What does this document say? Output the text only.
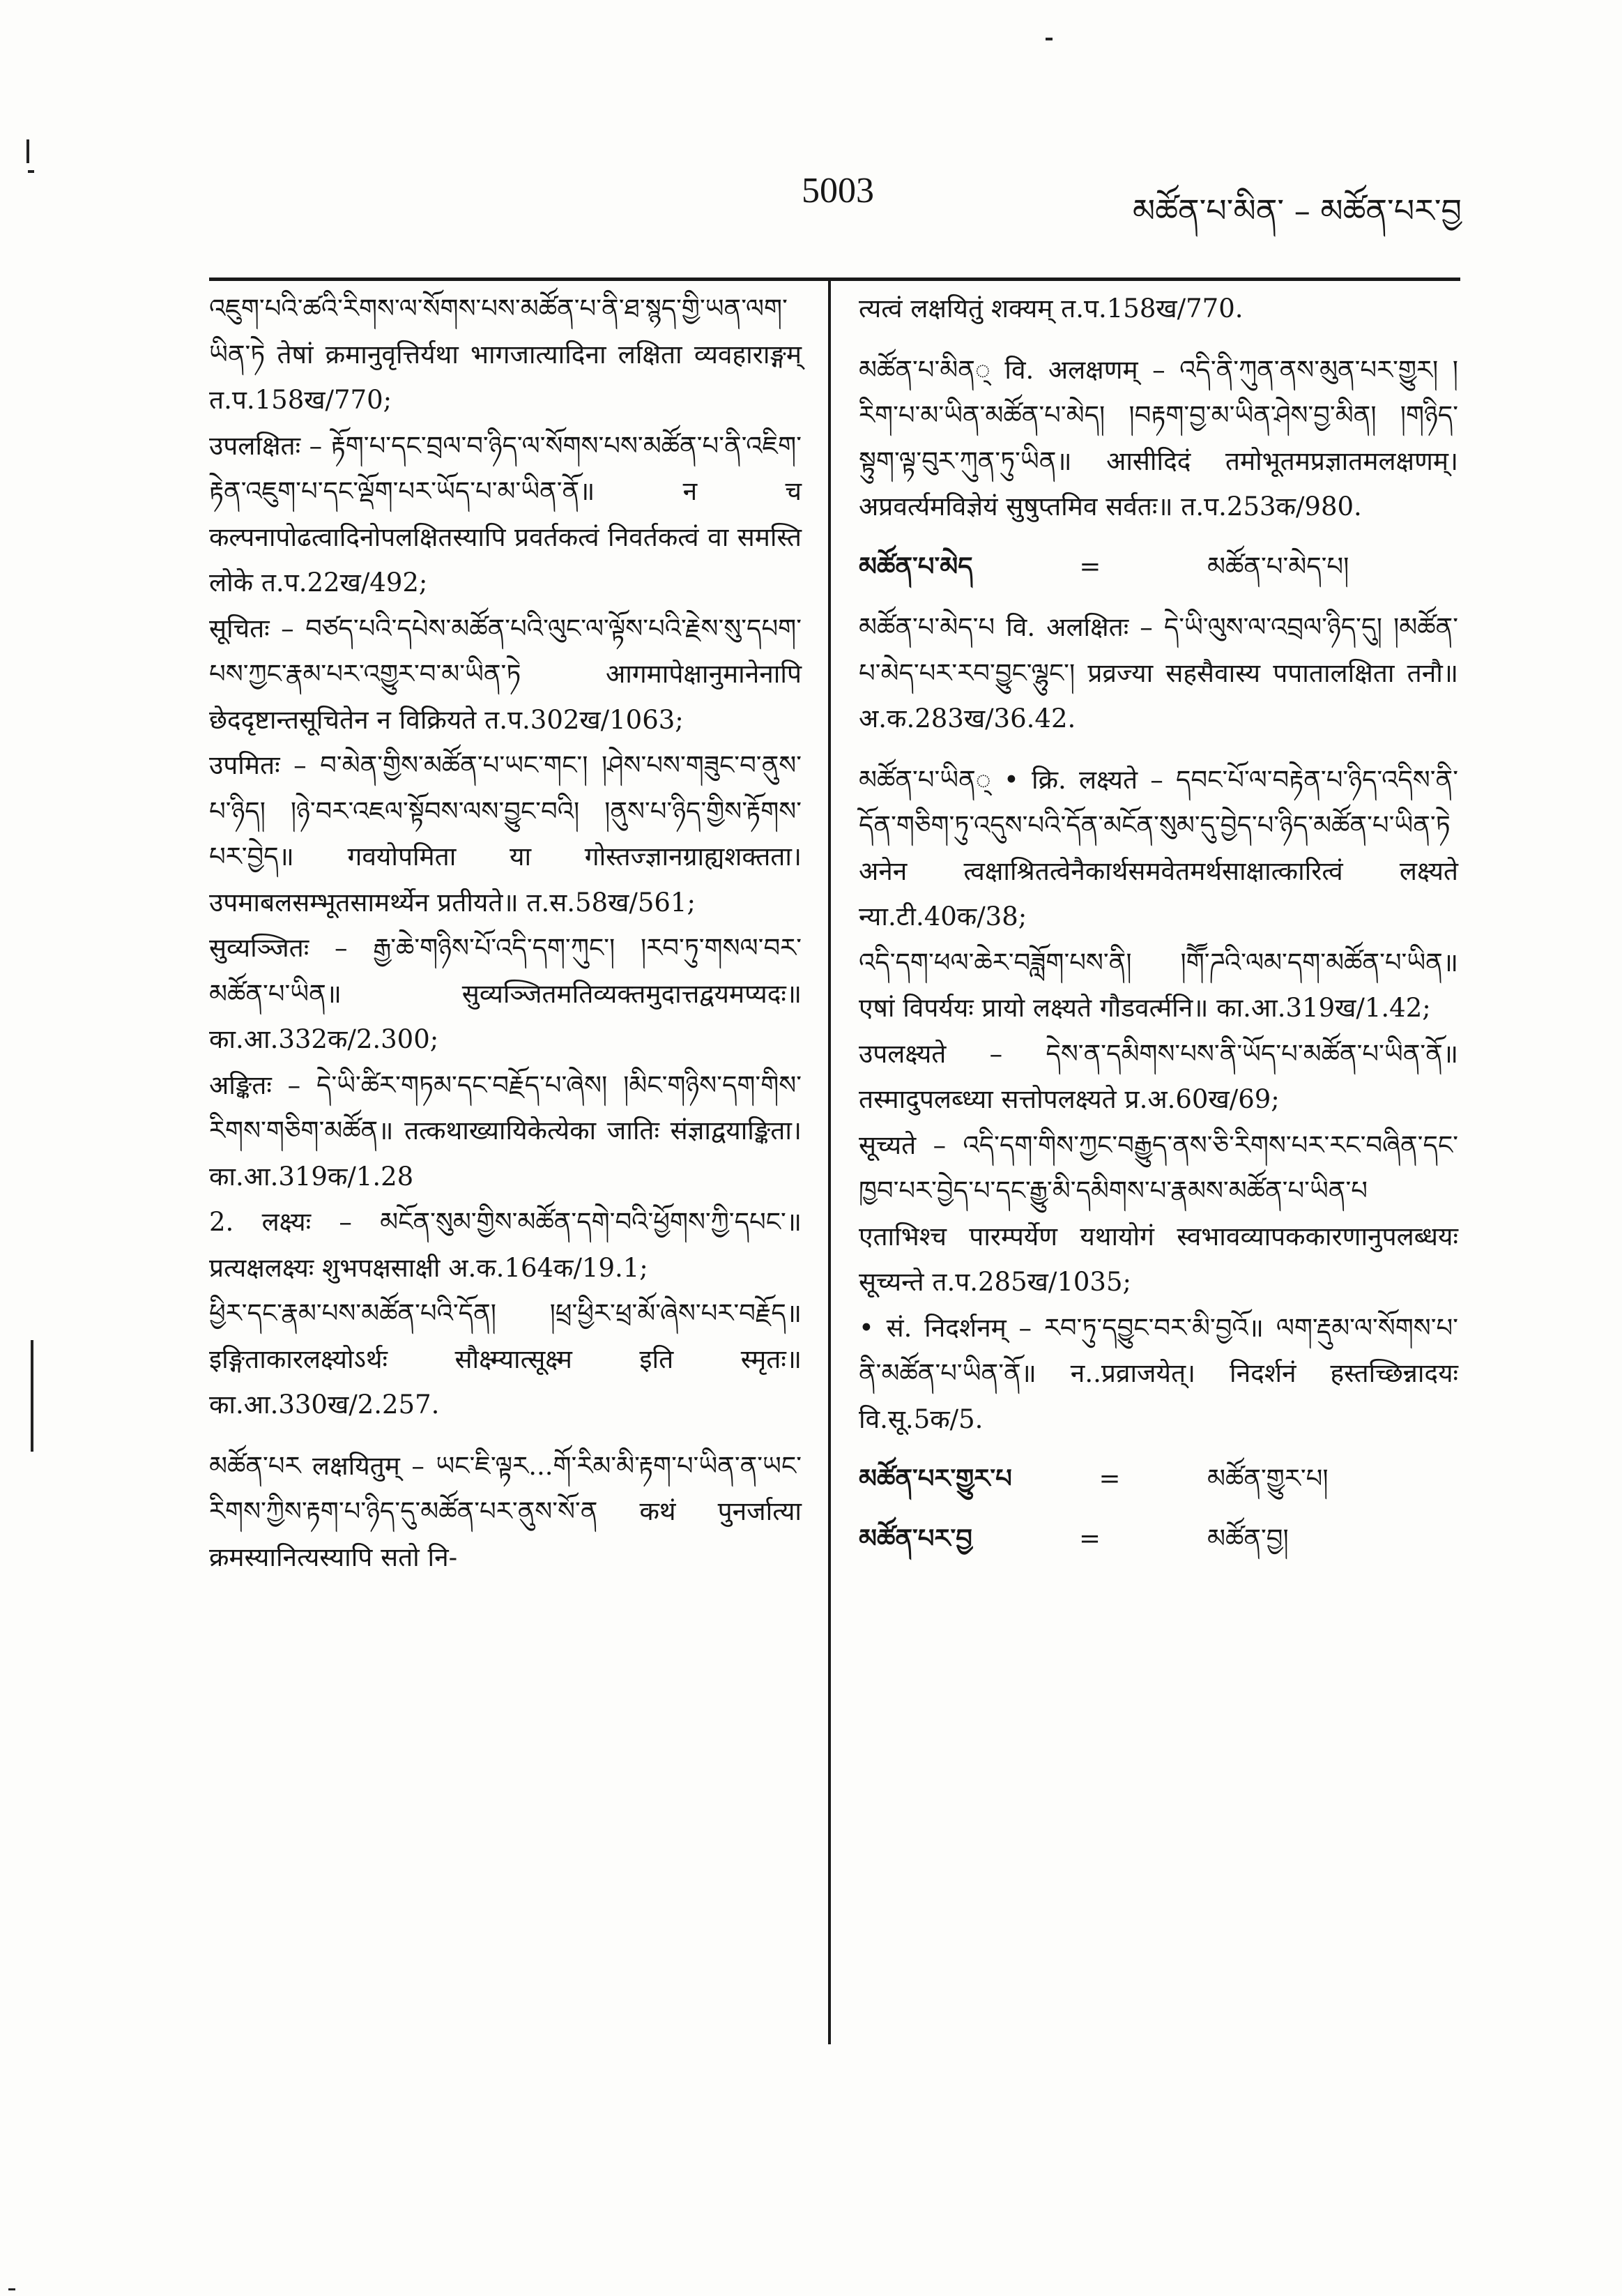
5003	མཚོན་པ་མིན་ – མཚོན་པར་བྱ

འཇུག་པའི་ཚའི་རིགས་ལ་སོགས་པས་མཚོན་པ་ནི་ཐ་སྙད་གྱི་ཡན་ལག་ཡིན་ཏེ तेषां क्रमानुवृत्तिर्यथा भागजात्यादिना लक्षिता व्यवहाराङ्गम् त.प.158ख/770;

उपलक्षितः – རྟོག་པ་དང་བྲལ་བ་ཉིད་ལ་སོགས་པས་མཚོན་པ་ནི་འཇིག་རྟེན་འཇུག་པ་དང་ལྡོག་པར་ཡོད་པ་མ་ཡིན་ནོ॥ न च कल्पनापोढत्वादिनोपलक्षितस्यापि प्रवर्तकत्वं निवर्तकत्वं वा समस्ति लोके त.प.22ख/492;

सूचितः – བཙད་པའི་དཔེས་མཚོན་པའི་ལུང་ལ་ལྟོས་པའི་རྗེས་སུ་དཔག་པས་ཀྱང་རྣམ་པར་འགྱུར་བ་མ་ཡིན་ཏེ आगमापेक्षानुमानेनापि छेददृष्टान्तसूचितेन न विक्रियते त.प.302ख/1063;

उपमितः – བ་མེན་གྱིས་མཚོན་པ་ཡང་གང་། །ཤེས་པས་གཟུང་བ་ནུས་པ་ཉིད། །ཉེ་བར་འཇལ་སྟོབས་ལས་བྱུང་བའི། །ནུས་པ་ཉིད་གྱིས་རྟོགས་པར་བྱེད॥ गवयोपमिता या गोस्तज्ज्ञानग्राह्यशक्तता। उपमाबलसम्भूतसामर्थ्येन प्रतीयते॥ त.स.58ख/561;

सुव्यञ्जितः – རྒྱ་ཆེ་གཉིས་པོ་འདི་དག་ཀུང་། །རབ་ཏུ་གསལ་བར་མཚོན་པ་ཡིན॥ सुव्यञ्जितमतिव्यक्तमुदात्तद्वयमप्यदः॥ का.आ.332क/2.300;

अङ्कितः – དེ་ཡི་ཚིར་གཏམ་དང་བརྗོད་པ་ཞེས། །མིང་གཉིས་དག་གིས་རིགས་གཅིག་མཚོན॥ तत्कथाख्यायिकेत्येका जातिः संज्ञाद्वयाङ्किता। का.आ.319क/1.28

2. लक्ष्यः – མངོན་སུམ་གྱིས་མཚོན་དགེ་བའི་ཕྱོགས་ཀྱི་དཔང་॥ प्रत्यक्षलक्ष्यः शुभपक्षसाक्षी अ.क.164क/19.1;

ཕྱིར་དང་རྣམ་པས་མཚོན་པའི་དོན། །ཕྲ་ཕྱིར་ཕྲ་མོ་ཞེས་པར་བརྗོད॥ इङ्गिताकारलक्ष्योऽर्थः सौक्ष्म्यात्सूक्ष्म इति स्मृतः॥ का.आ.330ख/2.257.

མཚོན་པར लक्षयितुम् – ཡང་ཇི་ལྟར...གོ་རིམ་མི་རྟག་པ་ཡིན་ན་ཡང་རིགས་ཀྱིས་རྟག་པ་ཉིད་དུ་མཚོན་པར་ནུས་སོ་ན कथं पुनर्जात्या क्रमस्यानित्यस्यापि सतो नि-

त्यत्वं लक्षयितुं शक्यम् त.प.158ख/770.

མཚོན་པ་མིན् वि. अलक्षणम् – འདི་ནི་ཀུན་ནས་མུན་པར་གྱུར། །རིག་པ་མ་ཡིན་མཚོན་པ་མེད། །བརྟག་བྱ་མ་ཡིན་ཤེས་བྱ་མིན། །གཉིད་སྟུག་ལྟ་བུར་ཀུན་ཏུ་ཡིན॥ आसीदिदं तमोभूतमप्रज्ञातमलक्षणम्। अप्रवर्त्यमविज्ञेयं सुषुप्तमिव सर्वतः॥ त.प.253क/980.

མཚོན་པ་མེད	=	མཚོན་པ་མེད་པ།

མཚོན་པ་མེད་པ वि. अलक्षितः – དེ་ཡི་ལུས་ལ་འབྲལ་ཉིད་དུ། །མཚོན་པ་མེད་པར་རབ་བྱུང་ལྷུང་། प्रव्रज्या सहसैवास्य पपातालक्षिता तनौ॥ अ.क.283ख/36.42.

མཚོན་པ་ཡིན् • क्रि. लक्ष्यते – དབང་པོ་ལ་བརྟེན་པ་ཉིད་འདིས་ནི་དོན་གཅིག་ཏུ་འདུས་པའི་དོན་མངོན་སུམ་དུ་བྱེད་པ་ཉིད་མཚོན་པ་ཡིན་ཏེ अनेन त्वक्षाश्रितत्वेनैकार्थसमवेतमर्थसाक्षात्कारित्वं लक्ष्यते न्या.टी.40क/38;

འདི་དག་ཕལ་ཆེར་བཟློག་པས་ནི། །གཽ་ཌའི་ལམ་དག་མཚོན་པ་ཡིན॥ एषां विपर्ययः प्रायो लक्ष्यते गौडवर्त्मनि॥ का.आ.319ख/1.42;

उपलक्ष्यते – དེས་ན་དམིགས་པས་ནི་ཡོད་པ་མཚོན་པ་ཡིན་ནོ॥ तस्मादुपलब्ध्या सत्तोपलक्ष्यते प्र.अ.60ख/69;

सूच्यते – འདི་དག་གིས་ཀྱང་བརྒྱུད་ནས་ཅི་རིགས་པར་རང་བཞིན་དང་ཁྱབ་པར་བྱེད་པ་དང་རྒྱུ་མི་དམིགས་པ་རྣམས་མཚོན་པ་ཡིན་པ एताभिश्च पारम्पर्येण यथायोगं स्वभावव्यापककारणानुपलब्धयः सूच्यन्ते त.प.285ख/1035;

• सं. निदर्शनम् – རབ་ཏུ་དབྱུང་བར་མི་བྱའོ॥ ལག་རྡུམ་ལ་སོགས་པ་ནི་མཚོན་པ་ཡིན་ནོ॥ न..प्रव्राजयेत्। निदर्शनं हस्तच्छिन्नादयः वि.सू.5क/5.

མཚོན་པར་གྱུར་པ	=	མཚོན་གྱུར་པ།
མཚོན་པར་བྱ	=	མཚོན་བྱ།
